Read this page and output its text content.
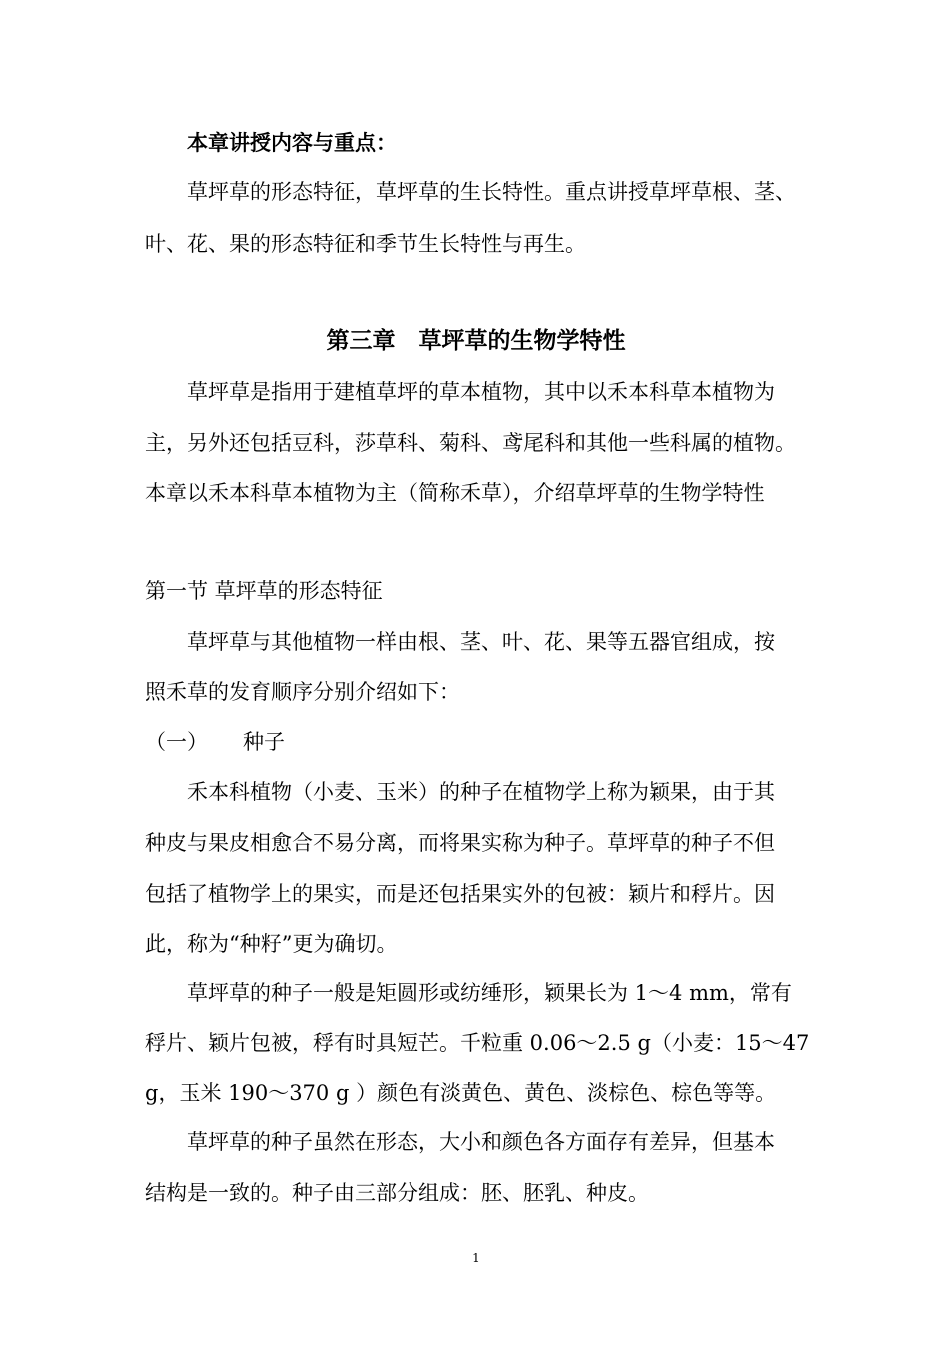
本章讲授内容与重点：
草坪草的形态特征，草坪草的生长特性。重点讲授草坪草根、茎、
叶、花、果的形态特征和季节生长特性与再生。
第三章　草坪草的生物学特性
草坪草是指用于建植草坪的草本植物，其中以禾本科草本植物为
主，另外还包括豆科，莎草科、菊科、鸢尾科和其他一些科属的植物。
本章以禾本科草本植物为主（简称禾草），介绍草坪草的生物学特性
第一节 草坪草的形态特征
草坪草与其他植物一样由根、茎、叶、花、果等五器官组成，按
照禾草的发育顺序分别介绍如下：
（一） 种子
禾本科植物（小麦、玉米）的种子在植物学上称为颖果，由于其
种皮与果皮相愈合不易分离，而将果实称为种子。草坪草的种子不但
包括了植物学上的果实，而是还包括果实外的包被：颖片和稃片。因
此，称为“种籽”更为确切。
草坪草的种子一般是矩圆形或纺缍形，颖果长为 1～4 mm，常有
稃片、颖片包被，稃有时具短芒。千粒重 0.06～2.5 g（小麦：15～47
g，玉米 190～370 g ）颜色有淡黄色、黄色、淡棕色、棕色等等。
草坪草的种子虽然在形态，大小和颜色各方面存有差异，但基本
结构是一致的。种子由三部分组成：胚、胚乳、种皮。
1
